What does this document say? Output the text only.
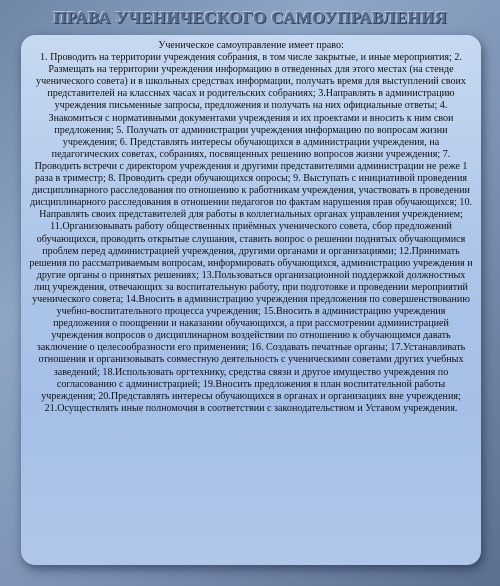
ПРАВА УЧЕНИЧЕСКОГО САМОУПРАВЛЕНИЯ

Ученическое самоуправление имеет право:
1. Проводить на территории учреждения собрания, в том числе закрытые, и иные мероприятия; 2. Размещать на территории учреждения информацию в отведенных для этого местах (на стенде ученического совета) и в школьных средствах информации, получать время для выступлений своих представителей на классных часах и родительских собраниях; 3.Направлять в администрацию учреждения письменные запросы, предложения и получать на них официальные ответы; 4. Знакомиться с нормативными документами учреждения и их проектами и вносить к ним свои предложения; 5. Получать от администрации учреждения информацию по вопросам жизни учреждения; 6. Представлять интересы обучающихся в администрации учреждения, на педагогических советах, собраниях, посвященных решению вопросов жизни учреждения; 7. Проводить встречи с директором учреждения и другими представителями администрации не реже 1 раза в триместр; 8. Проводить среди обучающихся опросы; 9. Выступать с инициативой проведения дисциплинарного расследования по отношению к работникам учреждения, участвовать в проведении дисциплинарного расследования в отношении педагогов по фактам нарушения прав обучающихся; 10. Направлять своих представителей для работы в коллегиальных органах управления учреждением; 11.Организовывать работу общественных приёмных ученического совета, сбор предложений обучающихся, проводить открытые слушания, ставить вопрос о решении поднятых обучающимися проблем перед администрацией учреждения, другими органами и организациями; 12.Принимать решения по рассматриваемым вопросам, информировать обучающихся, администрацию учреждения и другие органы о принятых решениях; 13.Пользоваться организационной поддержкой должностных лиц учреждения, отвечающих за воспитательную работу, при подготовке и проведении мероприятий ученического совета; 14.Вносить в администрацию учреждения предложения по совершенствованию учебно-воспитательного процесса учреждения; 15.Вносить в администрацию учреждения предложения о поощрении и наказании обучающихся, а при рассмотрении администрацией учреждения вопросов о дисциплинарном воздействии по отношению к обучающимся давать заключение о целесообразности его применения; 16. Создавать печатные органы; 17.Устанавливать отношения и организовывать совместную деятельность с ученическими советами других учебных заведений; 18.Использовать оргтехнику, средства связи и другое имущество учреждения по согласованию с администрацией; 19.Вносить предложения в план воспитательной работы учреждения; 20.Представлять интересы обучающихся в органах и организациях вне учреждения; 21.Осуществлять иные полномочия в соответствии с законодательством и Уставом учреждения.
